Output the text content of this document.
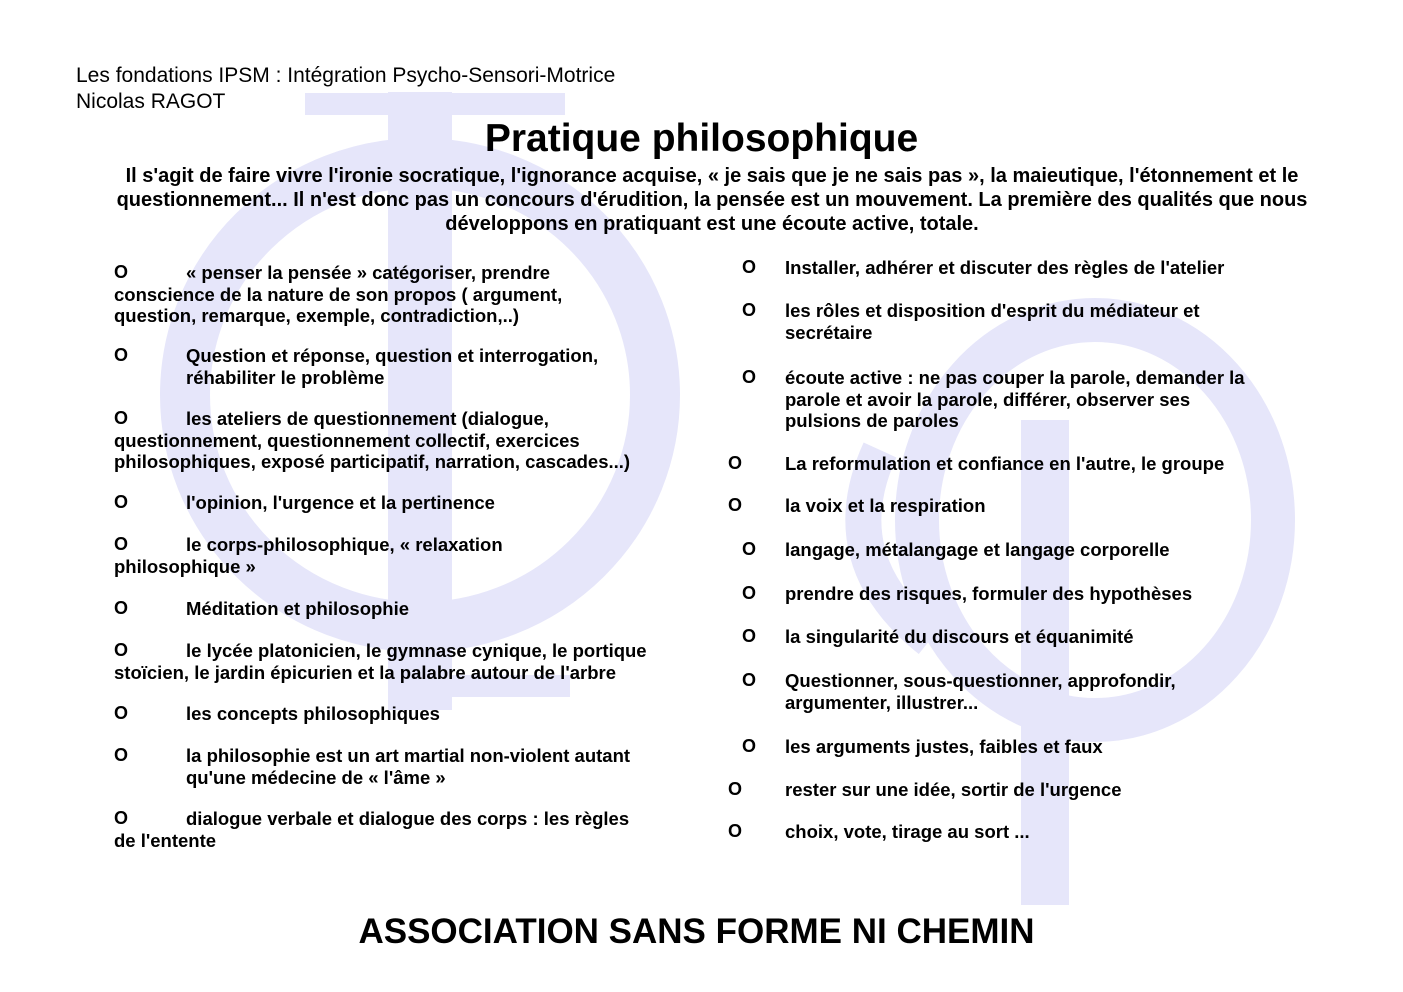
Les fondations IPSM : Intégration Psycho-Sensori-Motrice
Nicolas RAGOT
Pratique philosophique
Il s'agit de faire vivre l'ironie socratique, l'ignorance acquise, « je sais que je ne sais pas », la maieutique, l'étonnement et le questionnement... Il n'est donc pas un concours d'érudition, la pensée est un mouvement. La première des qualités que nous développons en pratiquant est une écoute active, totale.
O	« penser la pensée » catégoriser, prendre
conscience de la nature de son propos ( argument,
question, remarque, exemple, contradiction,..)
O	Question et réponse, question et interrogation,
réhabiliter le problème
O	les ateliers de questionnement (dialogue,
questionnement, questionnement collectif, exercices
philosophiques, exposé participatif, narration, cascades...)
O	l'opinion, l'urgence et la pertinence
O	le corps-philosophique, « relaxation
philosophique »
O	Méditation et philosophie
O	le lycée platonicien, le gymnase cynique, le portique
stoïcien, le jardin épicurien et la palabre autour de l'arbre
O	les concepts philosophiques
O	la philosophie est un art martial non-violent autant
qu'une médecine de « l'âme »
O	dialogue verbale et dialogue des corps : les règles
de l'entente
O Installer, adhérer et discuter des règles de l'atelier
O les rôles et disposition d'esprit du médiateur et
secrétaire
O écoute active : ne pas couper la parole, demander la
parole et avoir la parole, différer, observer ses
pulsions de paroles
O La reformulation et confiance en l'autre, le groupe
O la voix et la respiration
O langage, métalangage et langage corporelle
O prendre des risques, formuler des hypothèses
O la singularité du discours et équanimité
O Questionner, sous-questionner, approfondir,
argumenter, illustrer...
O les arguments justes, faibles et faux
O rester sur une idée, sortir de l'urgence
O choix, vote, tirage au sort ...
ASSOCIATION SANS FORME NI CHEMIN
